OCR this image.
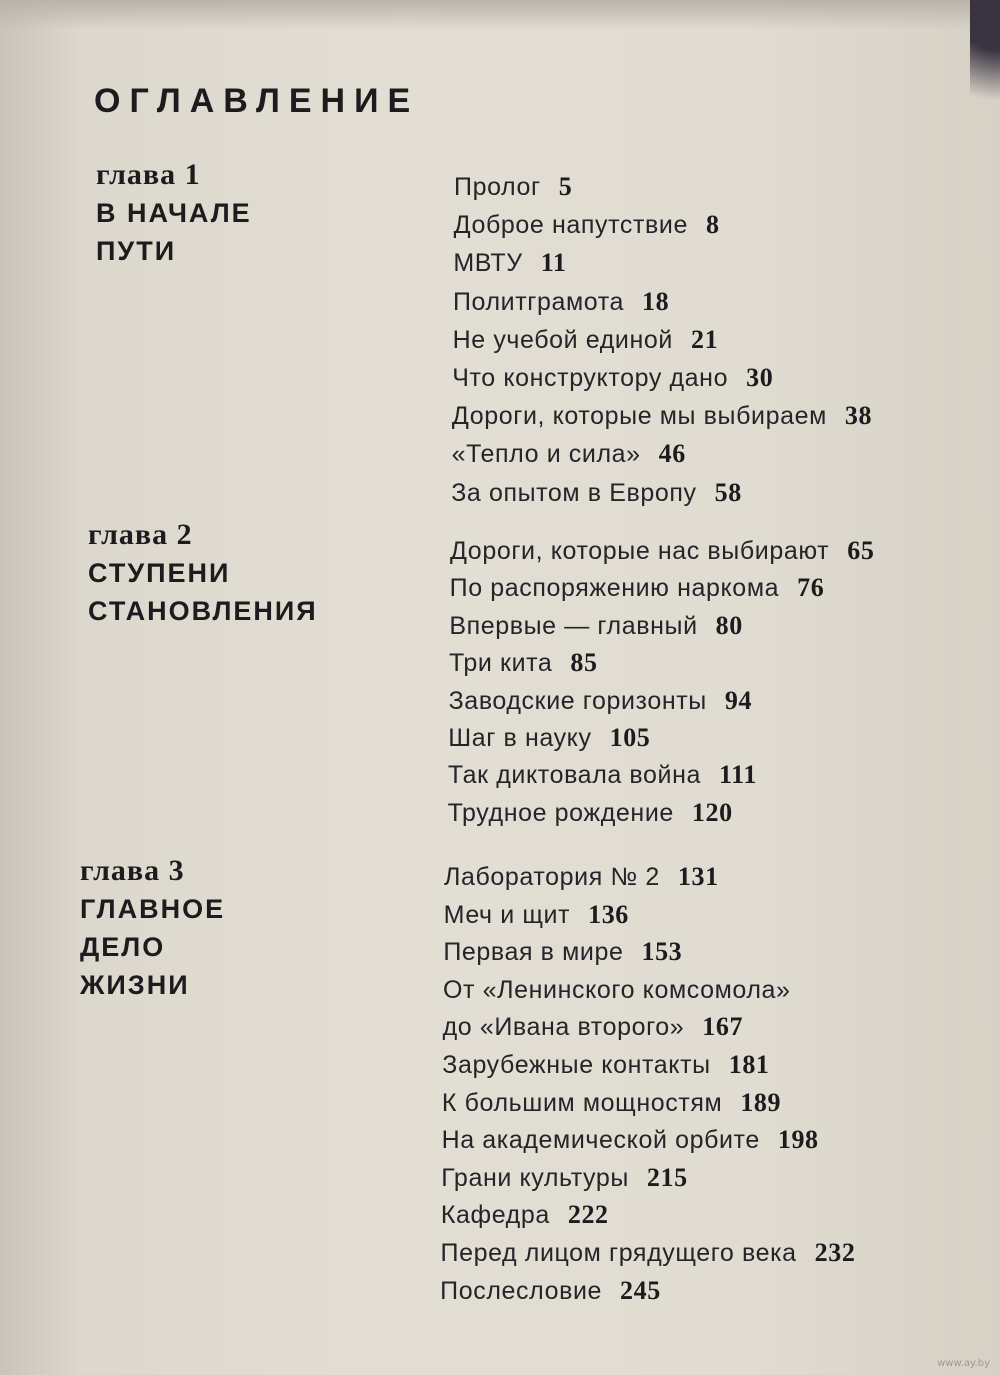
ОГЛАВЛЕНИЕ
глава 1
В НАЧАЛЕ
ПУТИ
Пролог 5
Доброе напутствие 8
МВТУ 11
Политграмота 18
Не учебой единой 21
Что конструктору дано 30
Дороги, которые мы выбираем 38
«Тепло и сила» 46
За опытом в Европу 58
глава 2
СТУПЕНИ
СТАНОВЛЕНИЯ
Дороги, которые нас выбирают 65
По распоряжению наркома 76
Впервые — главный 80
Три кита 85
Заводские горизонты 94
Шаг в науку 105
Так диктовала война 111
Трудное рождение 120
глава 3
ГЛАВНОЕ
ДЕЛО
ЖИЗНИ
Лаборатория № 2 131
Меч и щит 136
Первая в мире 153
От «Ленинского комсомола»
до «Ивана второго» 167
Зарубежные контакты 181
К большим мощностям 189
На академической орбите 198
Грани культуры 215
Кафедра 222
Перед лицом грядущего века 232
Послесловие 245
www.ay.by
